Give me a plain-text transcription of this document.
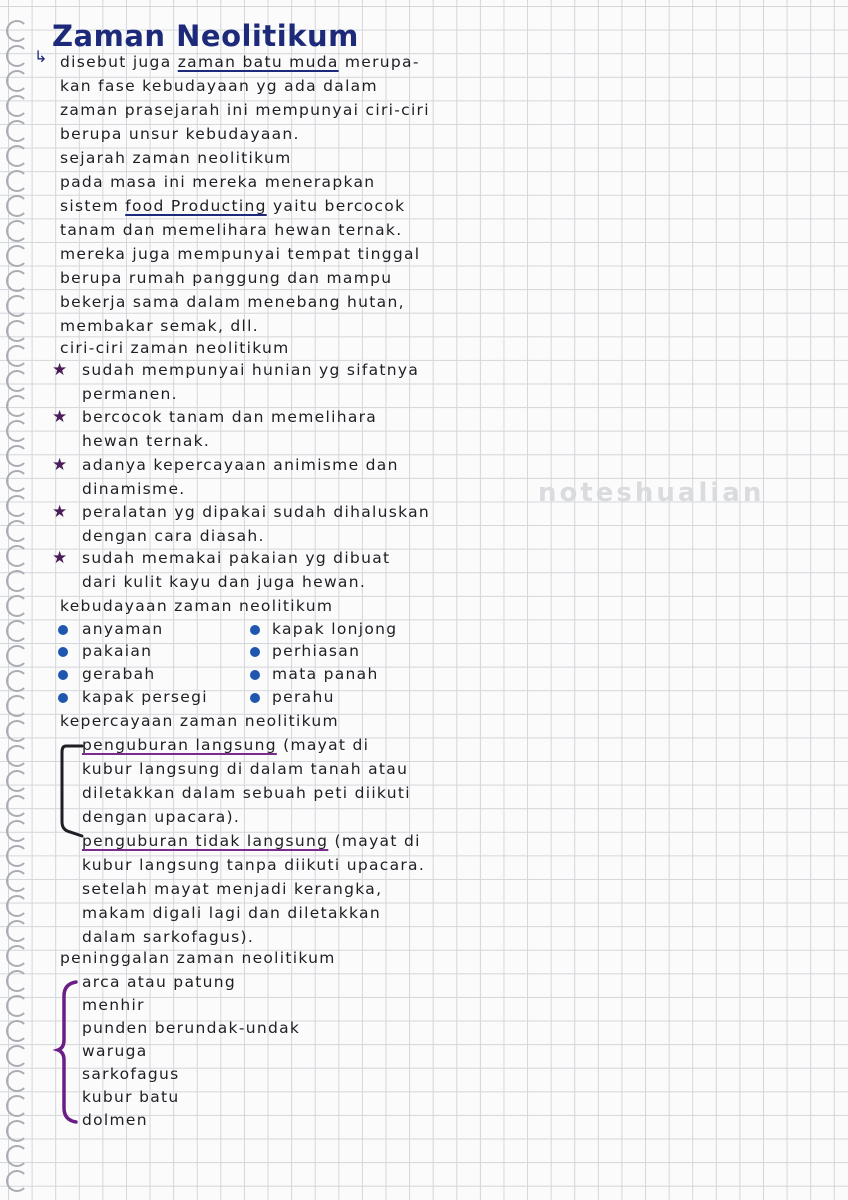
Zaman Neolitikum
↳ disebut juga zaman batu muda merupa-
kan fase kebudayaan yg ada dalam
zaman prasejarah ini mempunyai ciri-ciri
berupa unsur kebudayaan.
sejarah zaman neolitikum
pada masa ini mereka menerapkan
sistem food Producting yaitu bercocok
tanam dan memelihara hewan ternak.
mereka juga mempunyai tempat tinggal
berupa rumah panggung dan mampu
bekerja sama dalam menebang hutan,
membakar semak, dll.
ciri-ciri zaman neolitikum
★ sudah mempunyai hunian yg sifatnya
permanen.
★ bercocok tanam dan memelihara
hewan ternak.
★ adanya kepercayaan animisme dan
dinamisme.
★ peralatan yg dipakai sudah dihaluskan
dengan cara diasah.
★ sudah memakai pakaian yg dibuat
dari kulit kayu dan juga hewan.
kebudayaan zaman neolitikum
anyaman
pakaian
gerabah
kapak persegi
kapak lonjong
perhiasan
mata panah
perahu
kepercayaan zaman neolitikum
penguburan langsung (mayat di
kubur langsung di dalam tanah atau
diletakkan dalam sebuah peti diikuti
dengan upacara).
penguburan tidak langsung (mayat di
kubur langsung tanpa diikuti upacara.
setelah mayat menjadi kerangka,
makam digali lagi dan diletakkan
dalam sarkofagus).
peninggalan zaman neolitikum
arca atau patung
menhir
punden berundak-undak
waruga
sarkofagus
kubur batu
dolmen
noteshualian
